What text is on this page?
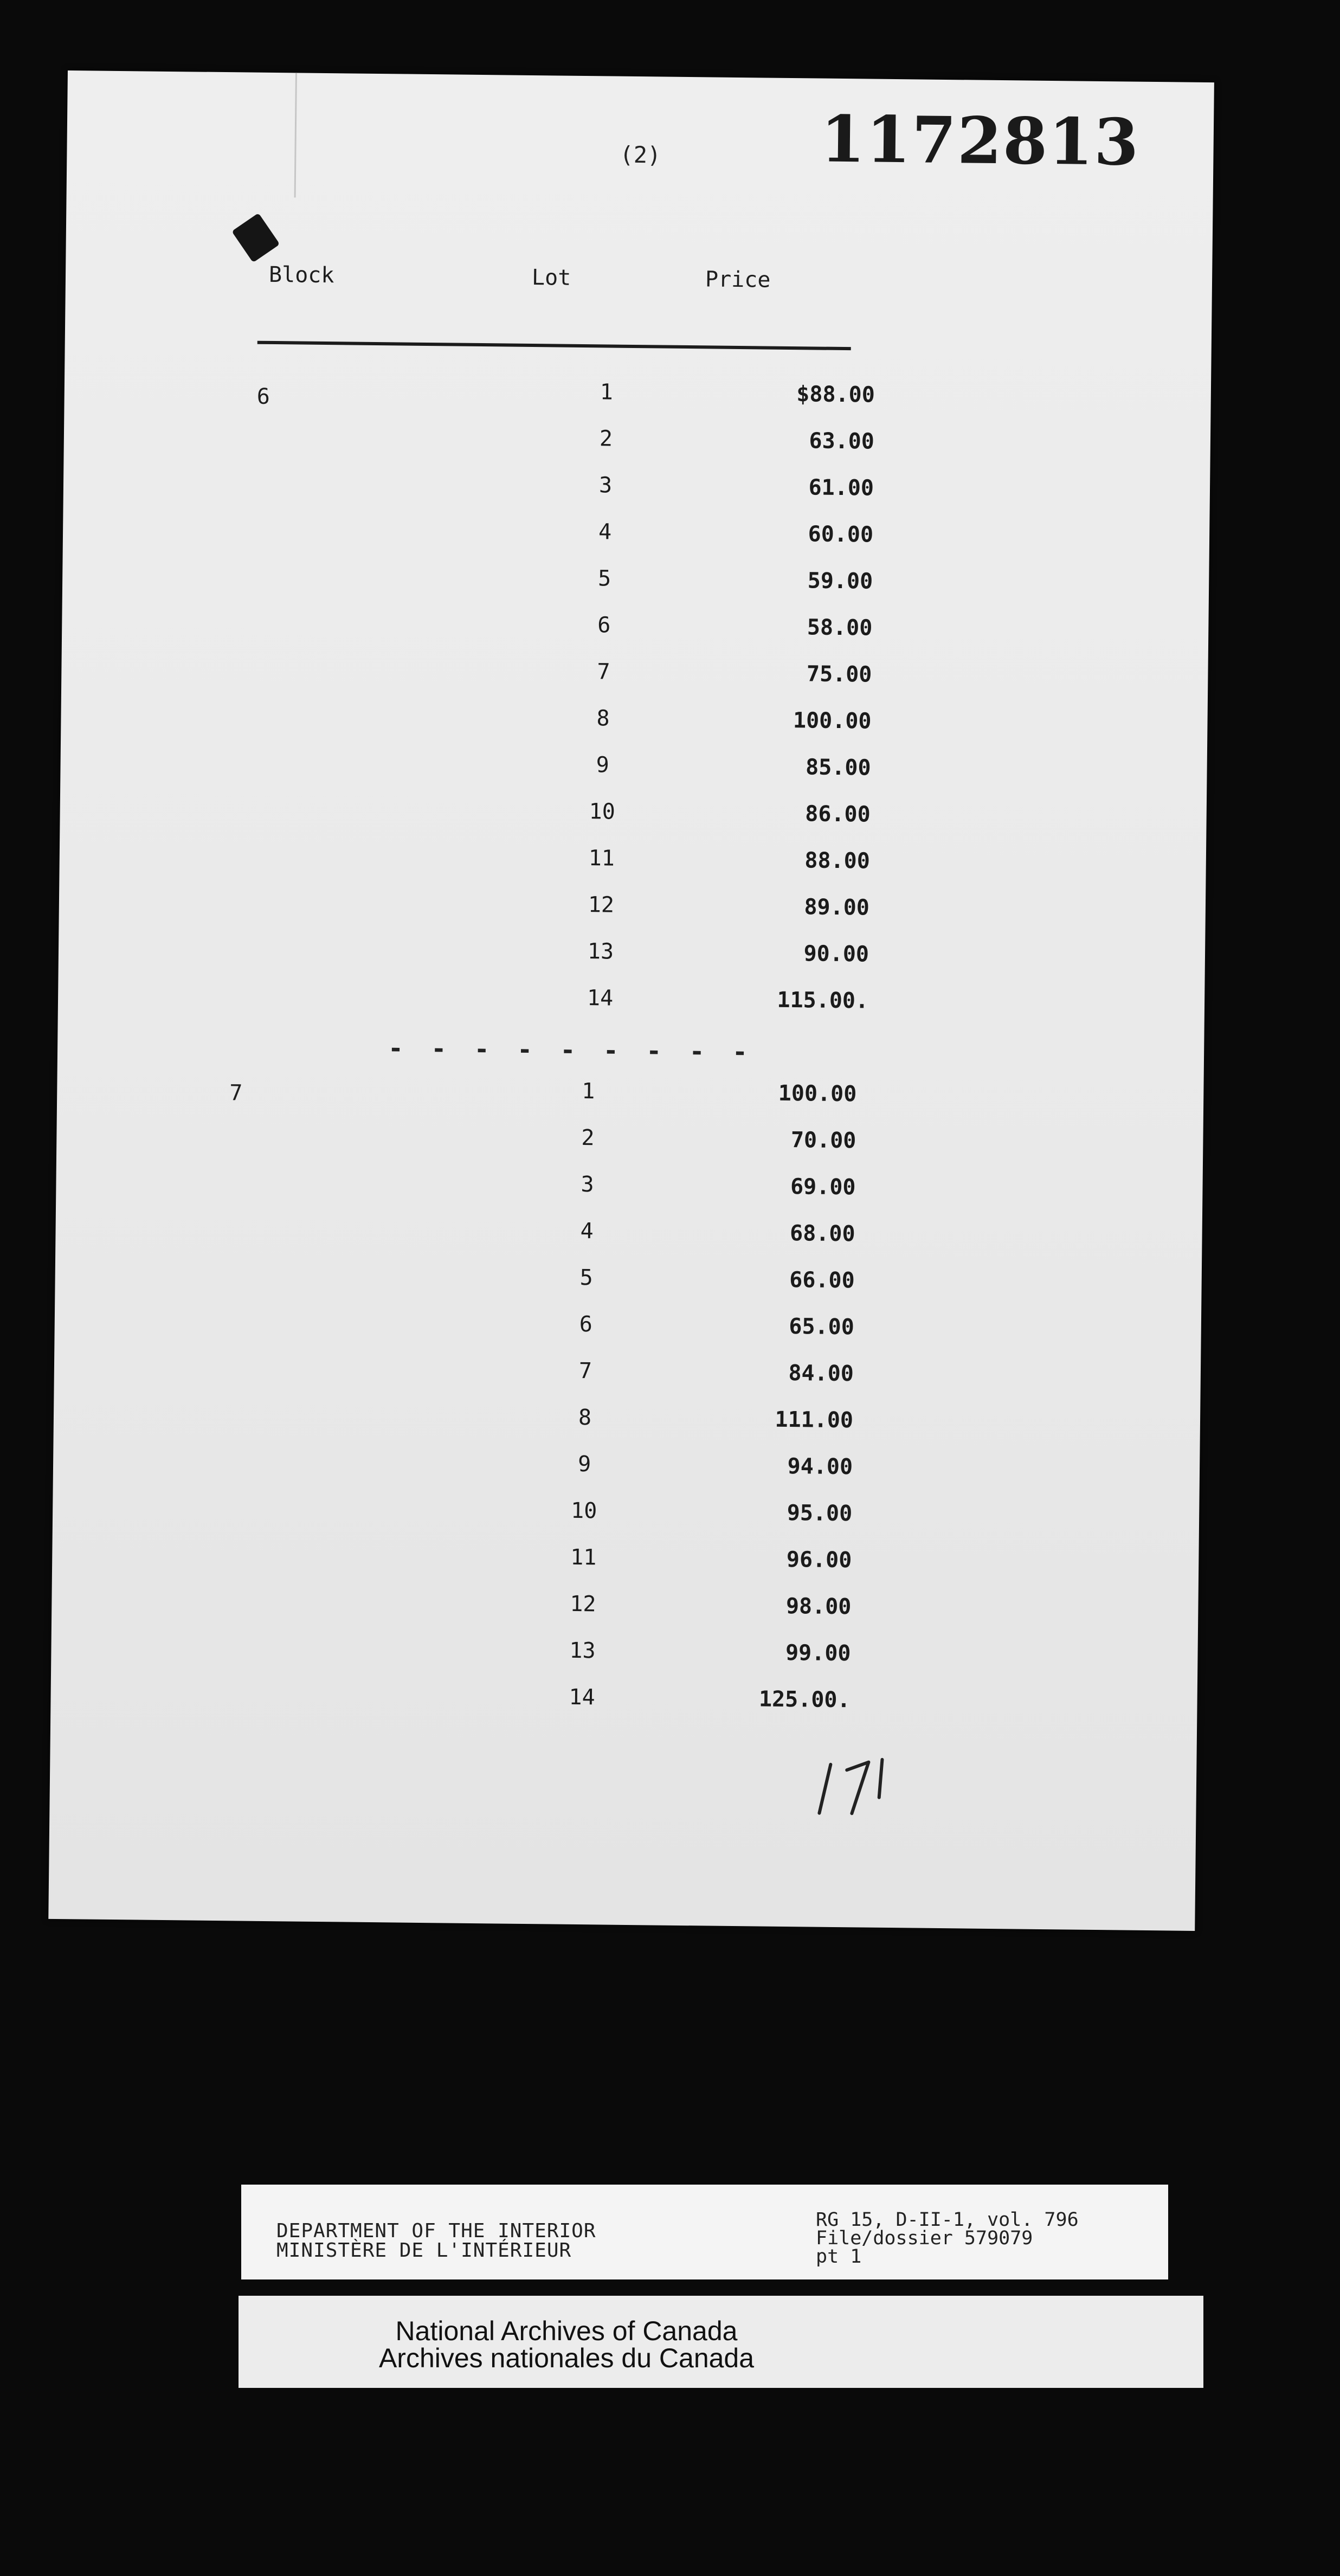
(2) 1172813
Block	Lot	Price
6	1	$88.00
2	63.00
3	61.00
4	60.00
5	59.00
6	58.00
7	75.00
8	100.00
9	85.00
10	86.00
11	88.00
12	89.00
13	90.00
14	115.00.
- - - - - - - - -
7	1	100.00
2	70.00
3	69.00
4	68.00
5	66.00
6	65.00
7	84.00
8	111.00
9	94.00
10	95.00
11	96.00
12	98.00
13	99.00
14	125.00.
DEPARTMENT OF THE INTERIOR
MINISTÈRE DE L'INTÉRIEUR
RG 15, D-II-1, vol. 796
File/dossier 579079
pt 1
National Archives of Canada
Archives nationales du Canada
